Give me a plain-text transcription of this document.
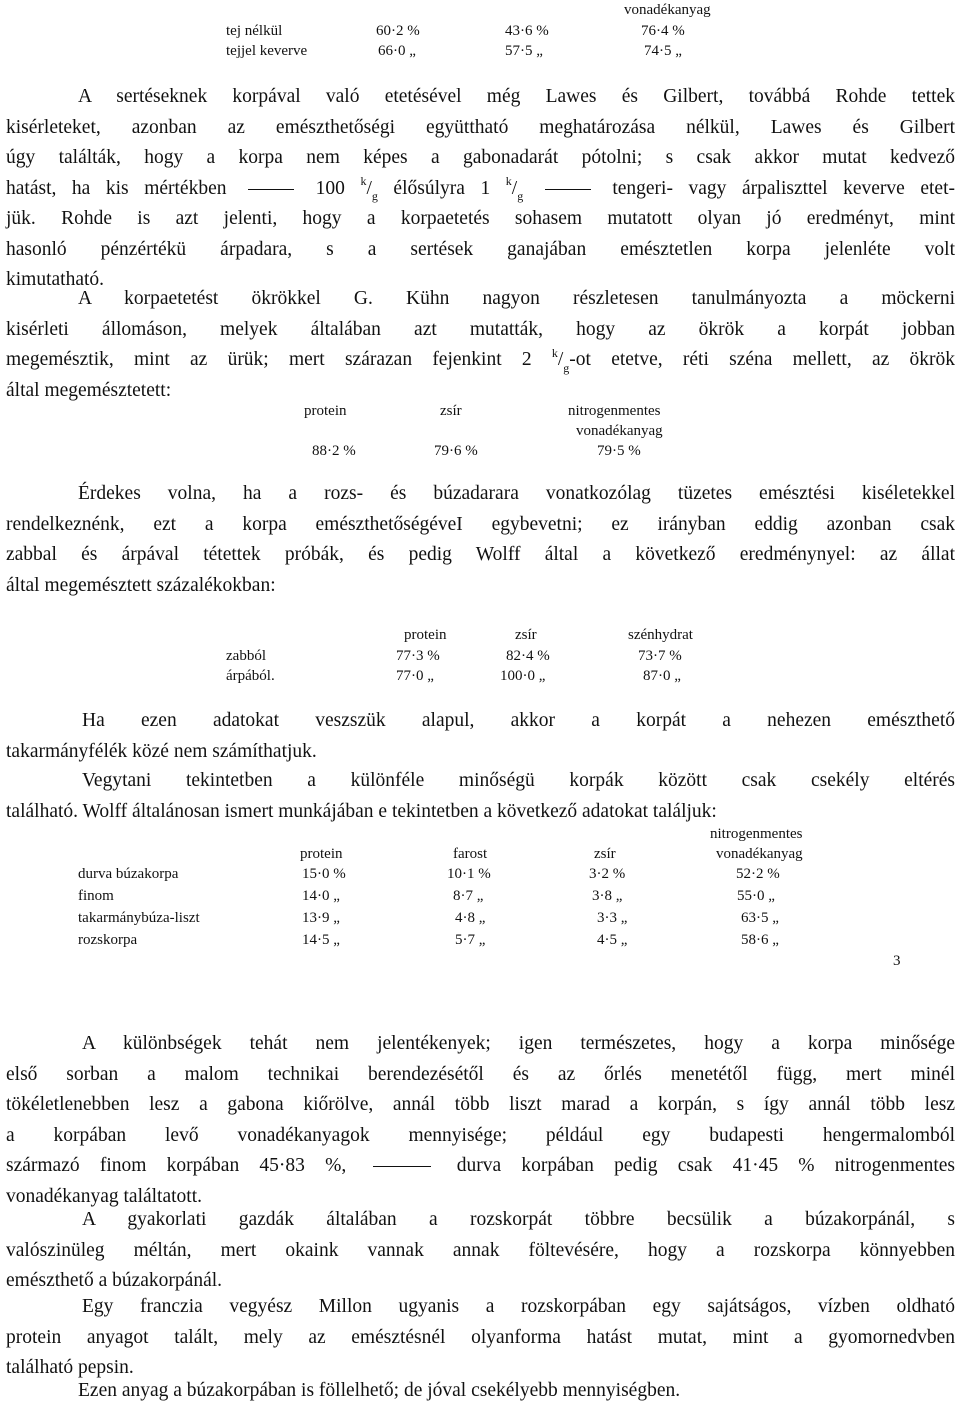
vonadékanyag
tej nélkül	60·2 %	43·6 %	76·4 %
tejjel keverve	66·0 „	57·5 „	74·5 „
A sertéseknek korpával való etetésével még Lawes és Gilbert, továbbá Rohde tettek
kisérleteket, azonban az emészthetőségi együttható meghatározása nélkül, Lawes és Gilbert
úgy találták, hogy a korpa nem képes a gabonadarát pótolni; s csak akkor mutat kedvező
hatást, ha kis mértékben	100 $^k/_g$ élősúlyra 1 $^k/_g$	tengeri- vagy árpaliszttel keverve etet-
jük. Rohde is azt jelenti, hogy a korpaetetés sohasem mutatott olyan jó eredményt, mint
hasonló pénzértékü árpadara, s a sertések ganajában emésztetlen korpa jelenléte volt
kimutatható.
A korpaetetést ökrökkel G. Kühn nagyon részletesen tanulmányozta a möckerni
kisérleti állomáson, melyek általában azt mutatták, hogy az ökrök a korpát jobban
megemésztik, mint az ürük; mert szárazan fejenkint 2 $^k/_g-ot$ etetve, réti széna mellett, az ökrök
által megemésztetett:
protein	zsír	nitrogenmentes
vonadékanyag
88·2 %	79·6 %	79·5 %
Érdekes volna, ha a rozs- és búzadarara vonatkozólag tüzetes emésztési kiséletekkel
rendelkeznénk, ezt a korpa emészthetőségéveI egybevetni; ez irányban eddig azonban csak
zabbal és árpával tétettek próbák, és pedig Wolff által a következő eredménynyel: az állat
által megemésztett százalékokban:
protein	zsír	szénhydrat
zabból	77·3 %	82·4 %	73·7 %
árpából.	77·0 „	100·0 „	87·0 „
Ha ezen adatokat veszszük alapul, akkor a korpát a nehezen emészthető
takarmányfélék közé nem számíthatjuk.
Vegytani tekintetben a különféle minőségü korpák között csak csekély eltérés
található. Wolff általánosan ismert munkájában e tekintetben a következő adatokat találjuk:
nitrogenmentes
protein	farost	zsír	vonadékanyag
durva búzakorpa	15·0 %	10·1 %	3·2 %	52·2 %
finom	14·0 „	8·7 „	3·8 „	55·0 „
takarmánybúza-liszt	13·9 „	4·8 „	3·3 „	63·5 „
rozskorpa	14·5 „	5·7 „	4·5 „	58·6 „
3
A különbségek tehát nem jelentékenyek; igen természetes, hogy a korpa minősége
első sorban a malom technikai berendezésétől és az őrlés menetétől függ, mert minél
tökéletlenebben lesz a gabona kiőrölve, annál több liszt marad a korpán, s így annál több lesz
a korpában levő vonadékanyagok mennyisége; például egy budapesti hengermalomból
származó finom korpában 45·83 %,	durva korpában pedig csak 41·45 % nitrogenmentes
vonadékanyag találtatott.
A gyakorlati gazdák általában a rozskorpát többre becsülik a búzakorpánál, s
valószinüleg méltán, mert okaink vannak annak föltevésére, hogy a rozskorpa könnyebben
emészthető a búzakorpánál.
Egy franczia vegyész Millon ugyanis a rozskorpában egy sajátságos, vízben oldható
protein anyagot talált, mely az emésztésnél olyanforma hatást mutat, mint a gyomornedvben
található pepsin.
Ezen anyag a búzakorpában is föllelhető; de jóval csekélyebb mennyiségben.
